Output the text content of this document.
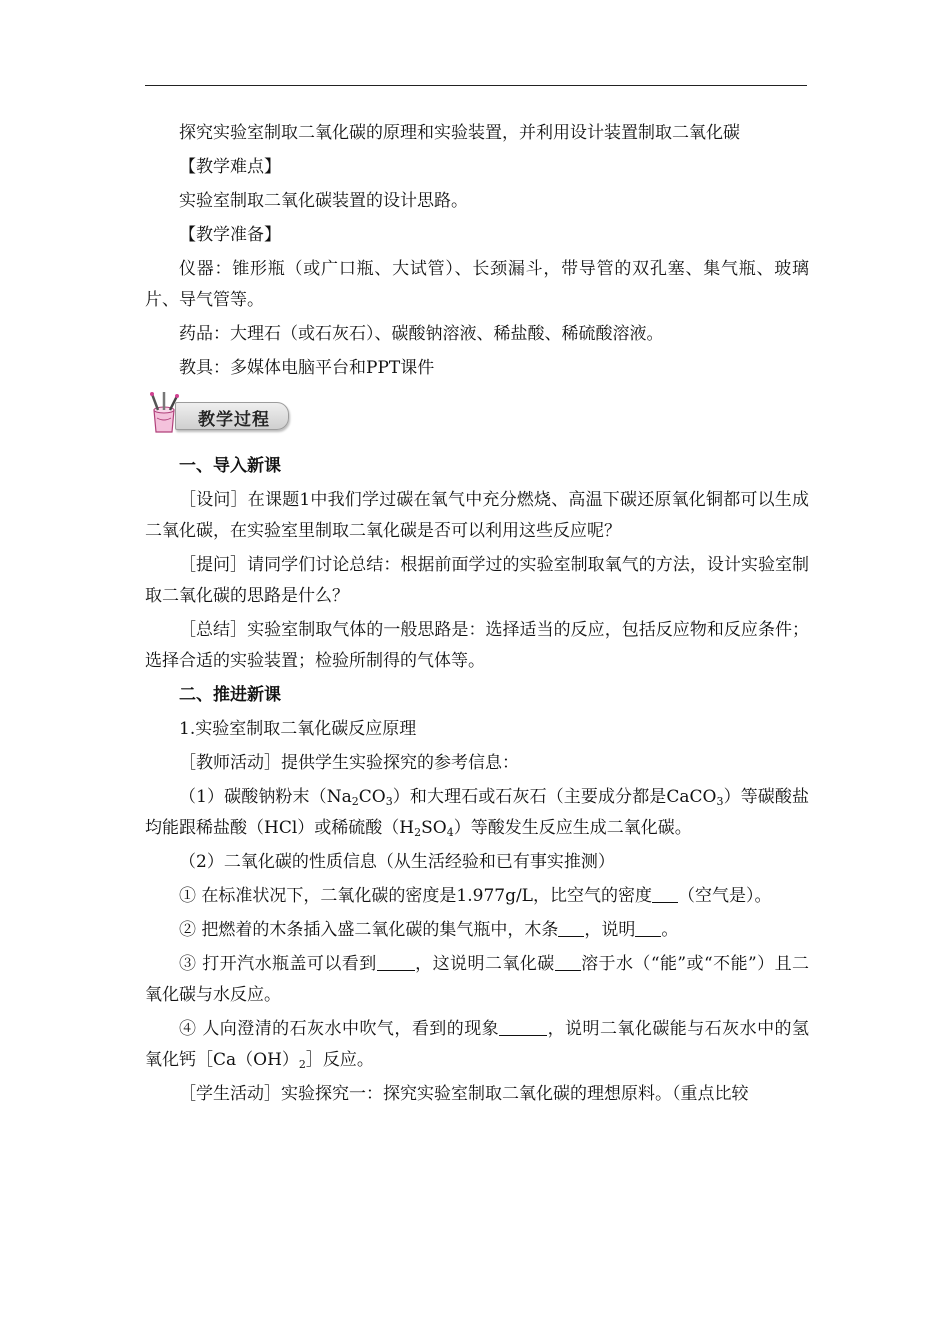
探究实验室制取二氧化碳的原理和实验装置，并利用设计装置制取二氧化碳

【教学难点】

实验室制取二氧化碳装置的设计思路。

【教学准备】

仪器：锥形瓶（或广口瓶、大试管）、长颈漏斗，带导管的双孔塞、集气瓶、玻璃片、导气管等。

药品：大理石（或石灰石）、碳酸钠溶液、稀盐酸、稀硫酸溶液。

教具：多媒体电脑平台和PPT课件

教学过程

一、导入新课

［设问］在课题1中我们学过碳在氧气中充分燃烧、高温下碳还原氧化铜都可以生成二氧化碳，在实验室里制取二氧化碳是否可以利用这些反应呢？

［提问］请同学们讨论总结：根据前面学过的实验室制取氧气的方法，设计实验室制取二氧化碳的思路是什么？

［总结］实验室制取气体的一般思路是：选择适当的反应，包括反应物和反应条件；选择合适的实验装置；检验所制得的气体等。

二、推进新课

1.实验室制取二氧化碳反应原理

［教师活动］提供学生实验探究的参考信息：

（1）碳酸钠粉末$(Na_2CO_3)$和大理石或石灰石（主要成分都是CaCO$_3$）等碳酸盐均能跟稀盐酸（HCl）或稀硫酸$(H_2SO_4)$等酸发生反应生成二氧化碳。

（2）二氧化碳的性质信息（从生活经验和已有事实推测）

① 在标准状况下，二氧化碳的密度是1.977g/L，比空气的密度 （空气是）。

② 把燃着的木条插入盛二氧化碳的集气瓶中，木条 ，说明 。

③ 打开汽水瓶盖可以看到 ，这说明二氧化碳 溶于水（“能”或“不能”）且二氧化碳与水反应。

④ 人向澄清的石灰水中吹气，看到的现象	，说明二氧化碳能与石灰水中的氢氧化钙$[Ca(OH)_2]$反应。

［学生活动］实验探究一：探究实验室制取二氧化碳的理想原料。（重点比较
